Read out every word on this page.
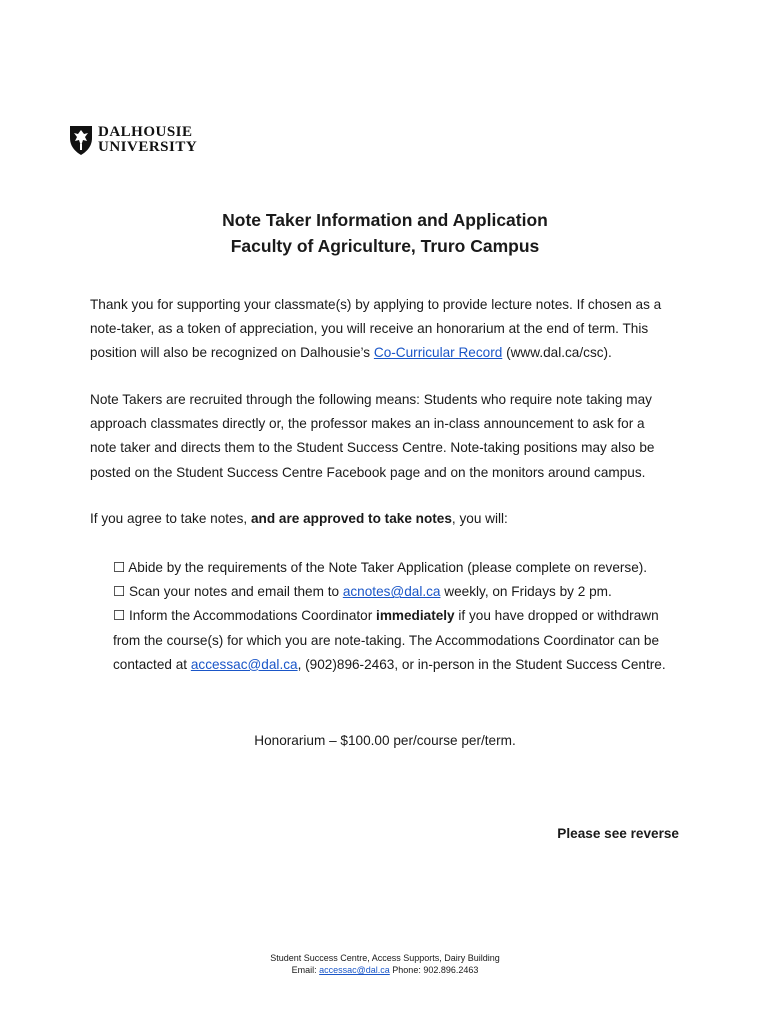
DALHOUSIE
UNIVERSITY
Note Taker Information and Application
Faculty of Agriculture, Truro Campus
Thank you for supporting your classmate(s) by applying to provide lecture notes. If chosen as a
note-taker, as a token of appreciation, you will receive an honorarium at the end of term. This
position will also be recognized on Dalhousie’s Co-Curricular Record (www.dal.ca/csc).
Note Takers are recruited through the following means: Students who require note taking may
approach classmates directly or, the professor makes an in-class announcement to ask for a
note taker and directs them to the Student Success Centre. Note-taking positions may also be
posted on the Student Success Centre Facebook page and on the monitors around campus.
If you agree to take notes, and are approved to take notes, you will:
☐ Abide by the requirements of the Note Taker Application (please complete on reverse).
☐ Scan your notes and email them to acnotes@dal.ca weekly, on Fridays by 2 pm.
☐ Inform the Accommodations Coordinator immediately if you have dropped or withdrawn
from the course(s) for which you are note-taking. The Accommodations Coordinator can be
contacted at accessac@dal.ca, (902)896-2463, or in-person in the Student Success Centre.
Honorarium – $100.00 per/course per/term.
Please see reverse
Student Success Centre, Access Supports, Dairy Building
Email: accessac@dal.ca Phone: 902.896.2463
